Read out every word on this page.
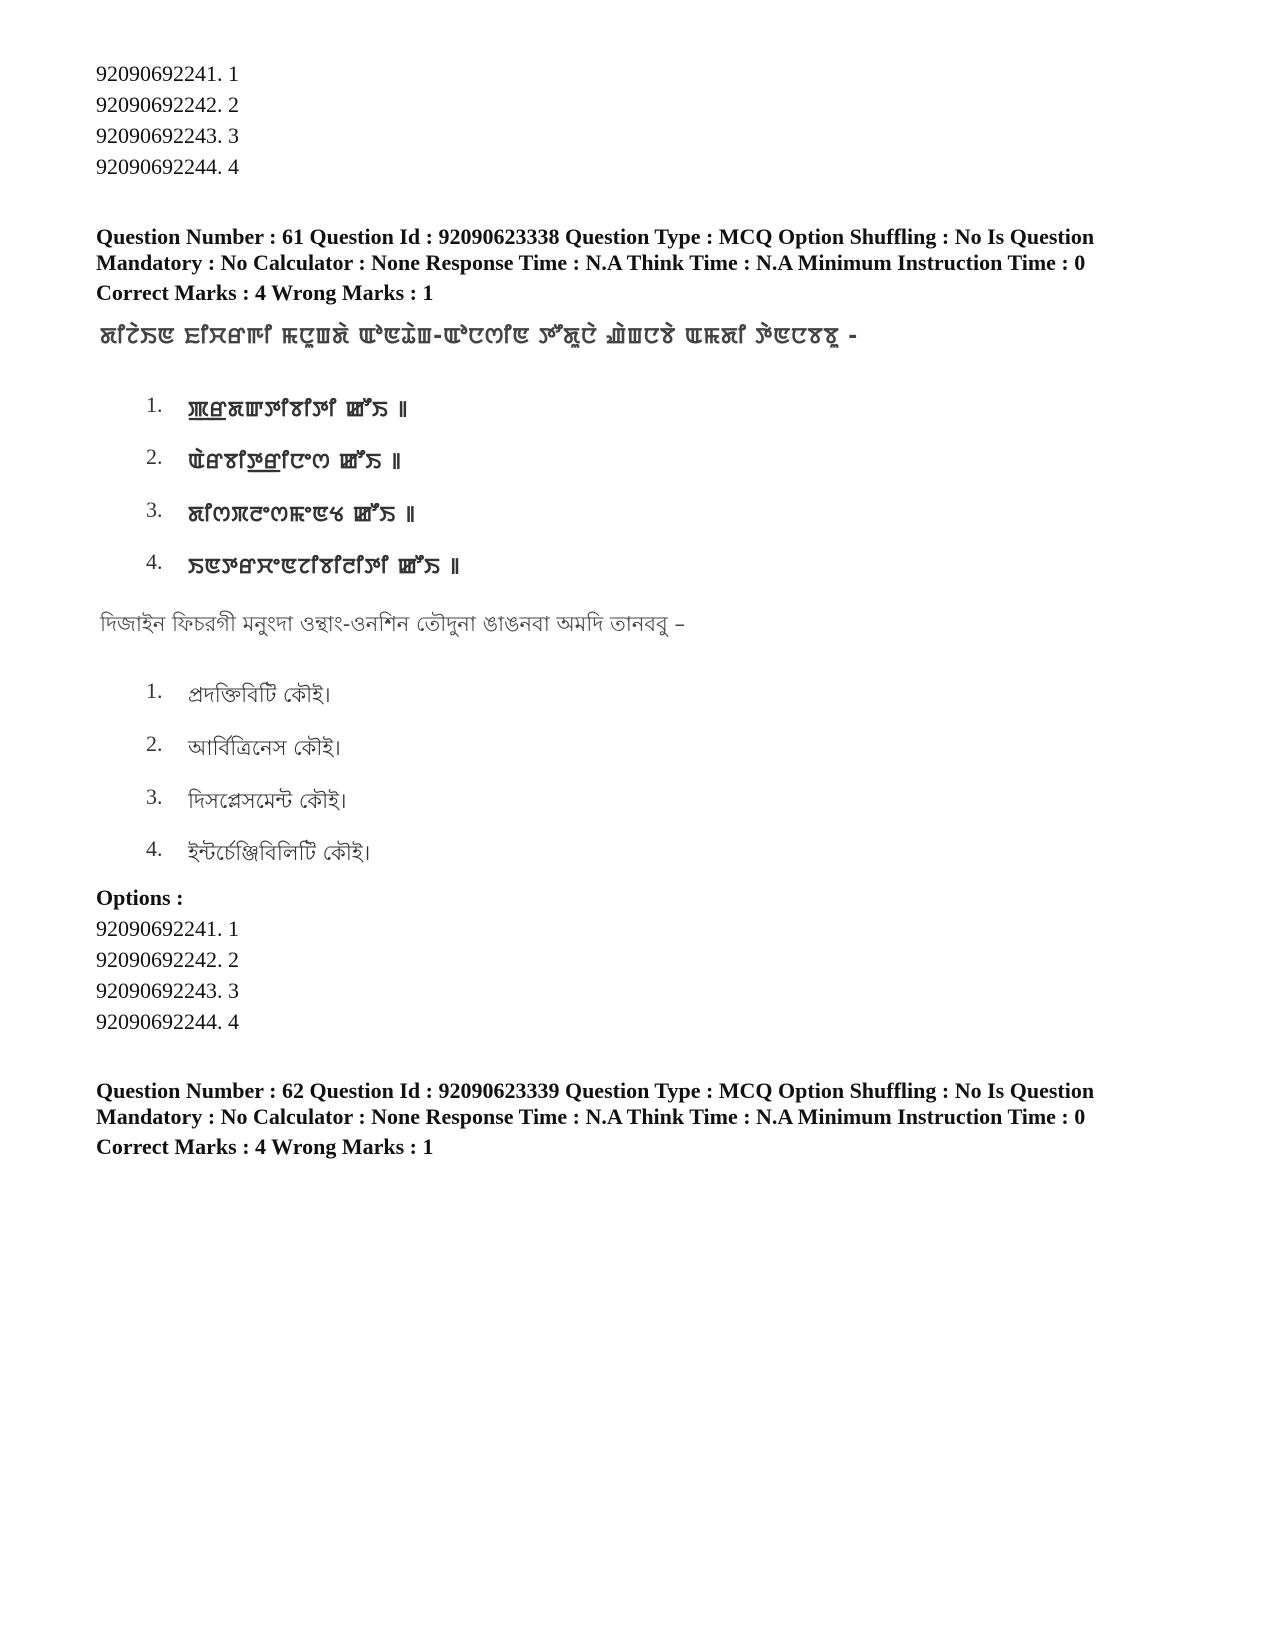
92090692241. 1
92090692242. 2
92090692243. 3
92090692244. 4
Question Number : 61 Question Id : 92090623338 Question Type : MCQ Option Shuffling : No Is Question
Mandatory : No Calculator : None Response Time : N.A Think Time : N.A Minimum Instruction Time : 0
Correct Marks : 4 Wrong Marks : 1
ꯗꯤꯖꯥꯏꯟ ꯐꯤꯆꯔꯒꯤ ꯃꯅꯨꯡꯗꯥ ꯑꯣꯟꯊꯥꯡ-ꯑꯣꯅꯁꯤꯟ ꯇꯧꯗꯨꯅꯥ ꯉꯥꯡꯅꯕꯥ ꯑꯃꯗꯤ ꯇꯥꯟꯅꯕꯕꯨ -
1. ꯄ꯭ꯔꯗꯛꯇꯤꯕꯤꯇꯤ ꯀꯧꯏ ꯫
2. ꯑꯥꯔꯕꯤꯇ꯭ꯔꯤꯅꯦꯁ ꯀꯧꯏ ꯫
3. ꯗꯤꯁꯞꯂꯦꯁꯃꯦꯟꯠ ꯀꯧꯏ ꯫
4. ꯏꯟꯇꯔꯆꯦꯟꯖꯤꯕꯤꯂꯤꯇꯤ ꯀꯧꯏ ꯫
দিজাইন ফিচরগী মনুংদা ওন্থাং-ওনশিন তৌদুনা ঙাঙনবা অমদি তানববু –
1. প্রদক্তিবিটি কৌই।
2. আর্বিত্রিনেস কৌই।
3. দিসপ্লেসমেন্ট কৌই।
4. ইন্টর্চেঞ্জিবিলিটি কৌই।
Options :
92090692241. 1
92090692242. 2
92090692243. 3
92090692244. 4
Question Number : 62 Question Id : 92090623339 Question Type : MCQ Option Shuffling : No Is Question
Mandatory : No Calculator : None Response Time : N.A Think Time : N.A Minimum Instruction Time : 0
Correct Marks : 4 Wrong Marks : 1
